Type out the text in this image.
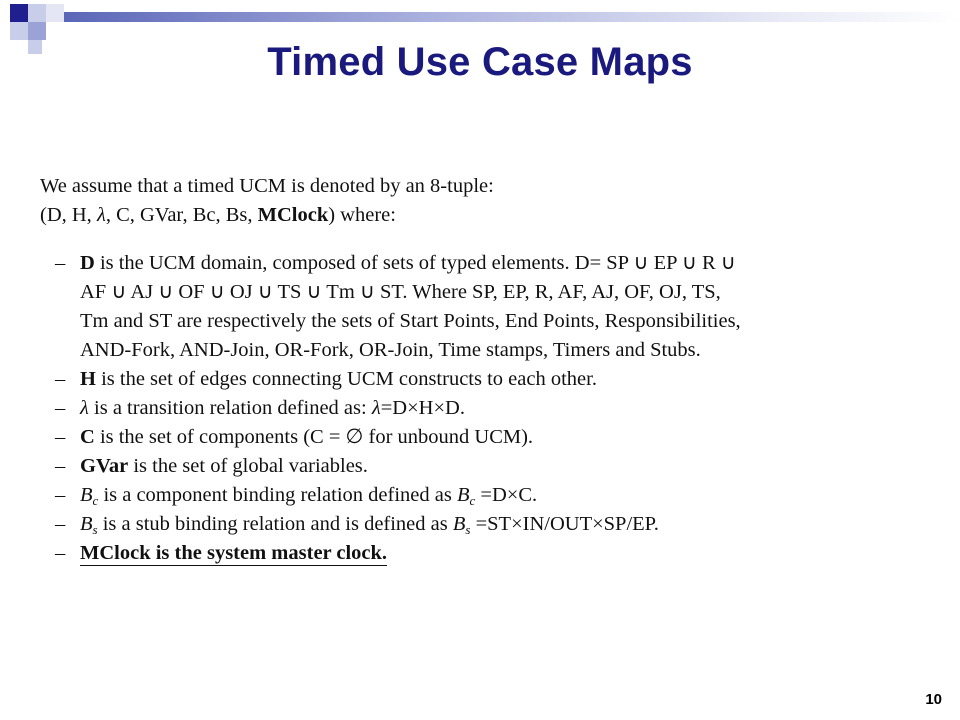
Timed Use Case Maps
We assume that a timed UCM is denoted by an 8-tuple:
(D, H, λ, C, GVar, Bc, Bs, MClock) where:
– D is the UCM domain, composed of sets of typed elements. D= SP ∪ EP ∪ R ∪
AF ∪ AJ ∪ OF ∪ OJ ∪ TS ∪ Tm ∪ ST. Where SP, EP, R, AF, AJ, OF, OJ, TS,
Tm and ST are respectively the sets of Start Points, End Points, Responsibilities,
AND-Fork, AND-Join, OR-Fork, OR-Join, Time stamps, Timers and Stubs.
– H is the set of edges connecting UCM constructs to each other.
– λ is a transition relation defined as: λ=D×H×D.
– C is the set of components (C = ∅ for unbound UCM).
– GVar is the set of global variables.
– $B_c$ is a component binding relation defined as $B_c =D\times C$.
– $B_s$ is a stub binding relation and is defined as $B_s =ST\times IN/OUT\times SP/EP$.
– MClock is the system master clock.
10
